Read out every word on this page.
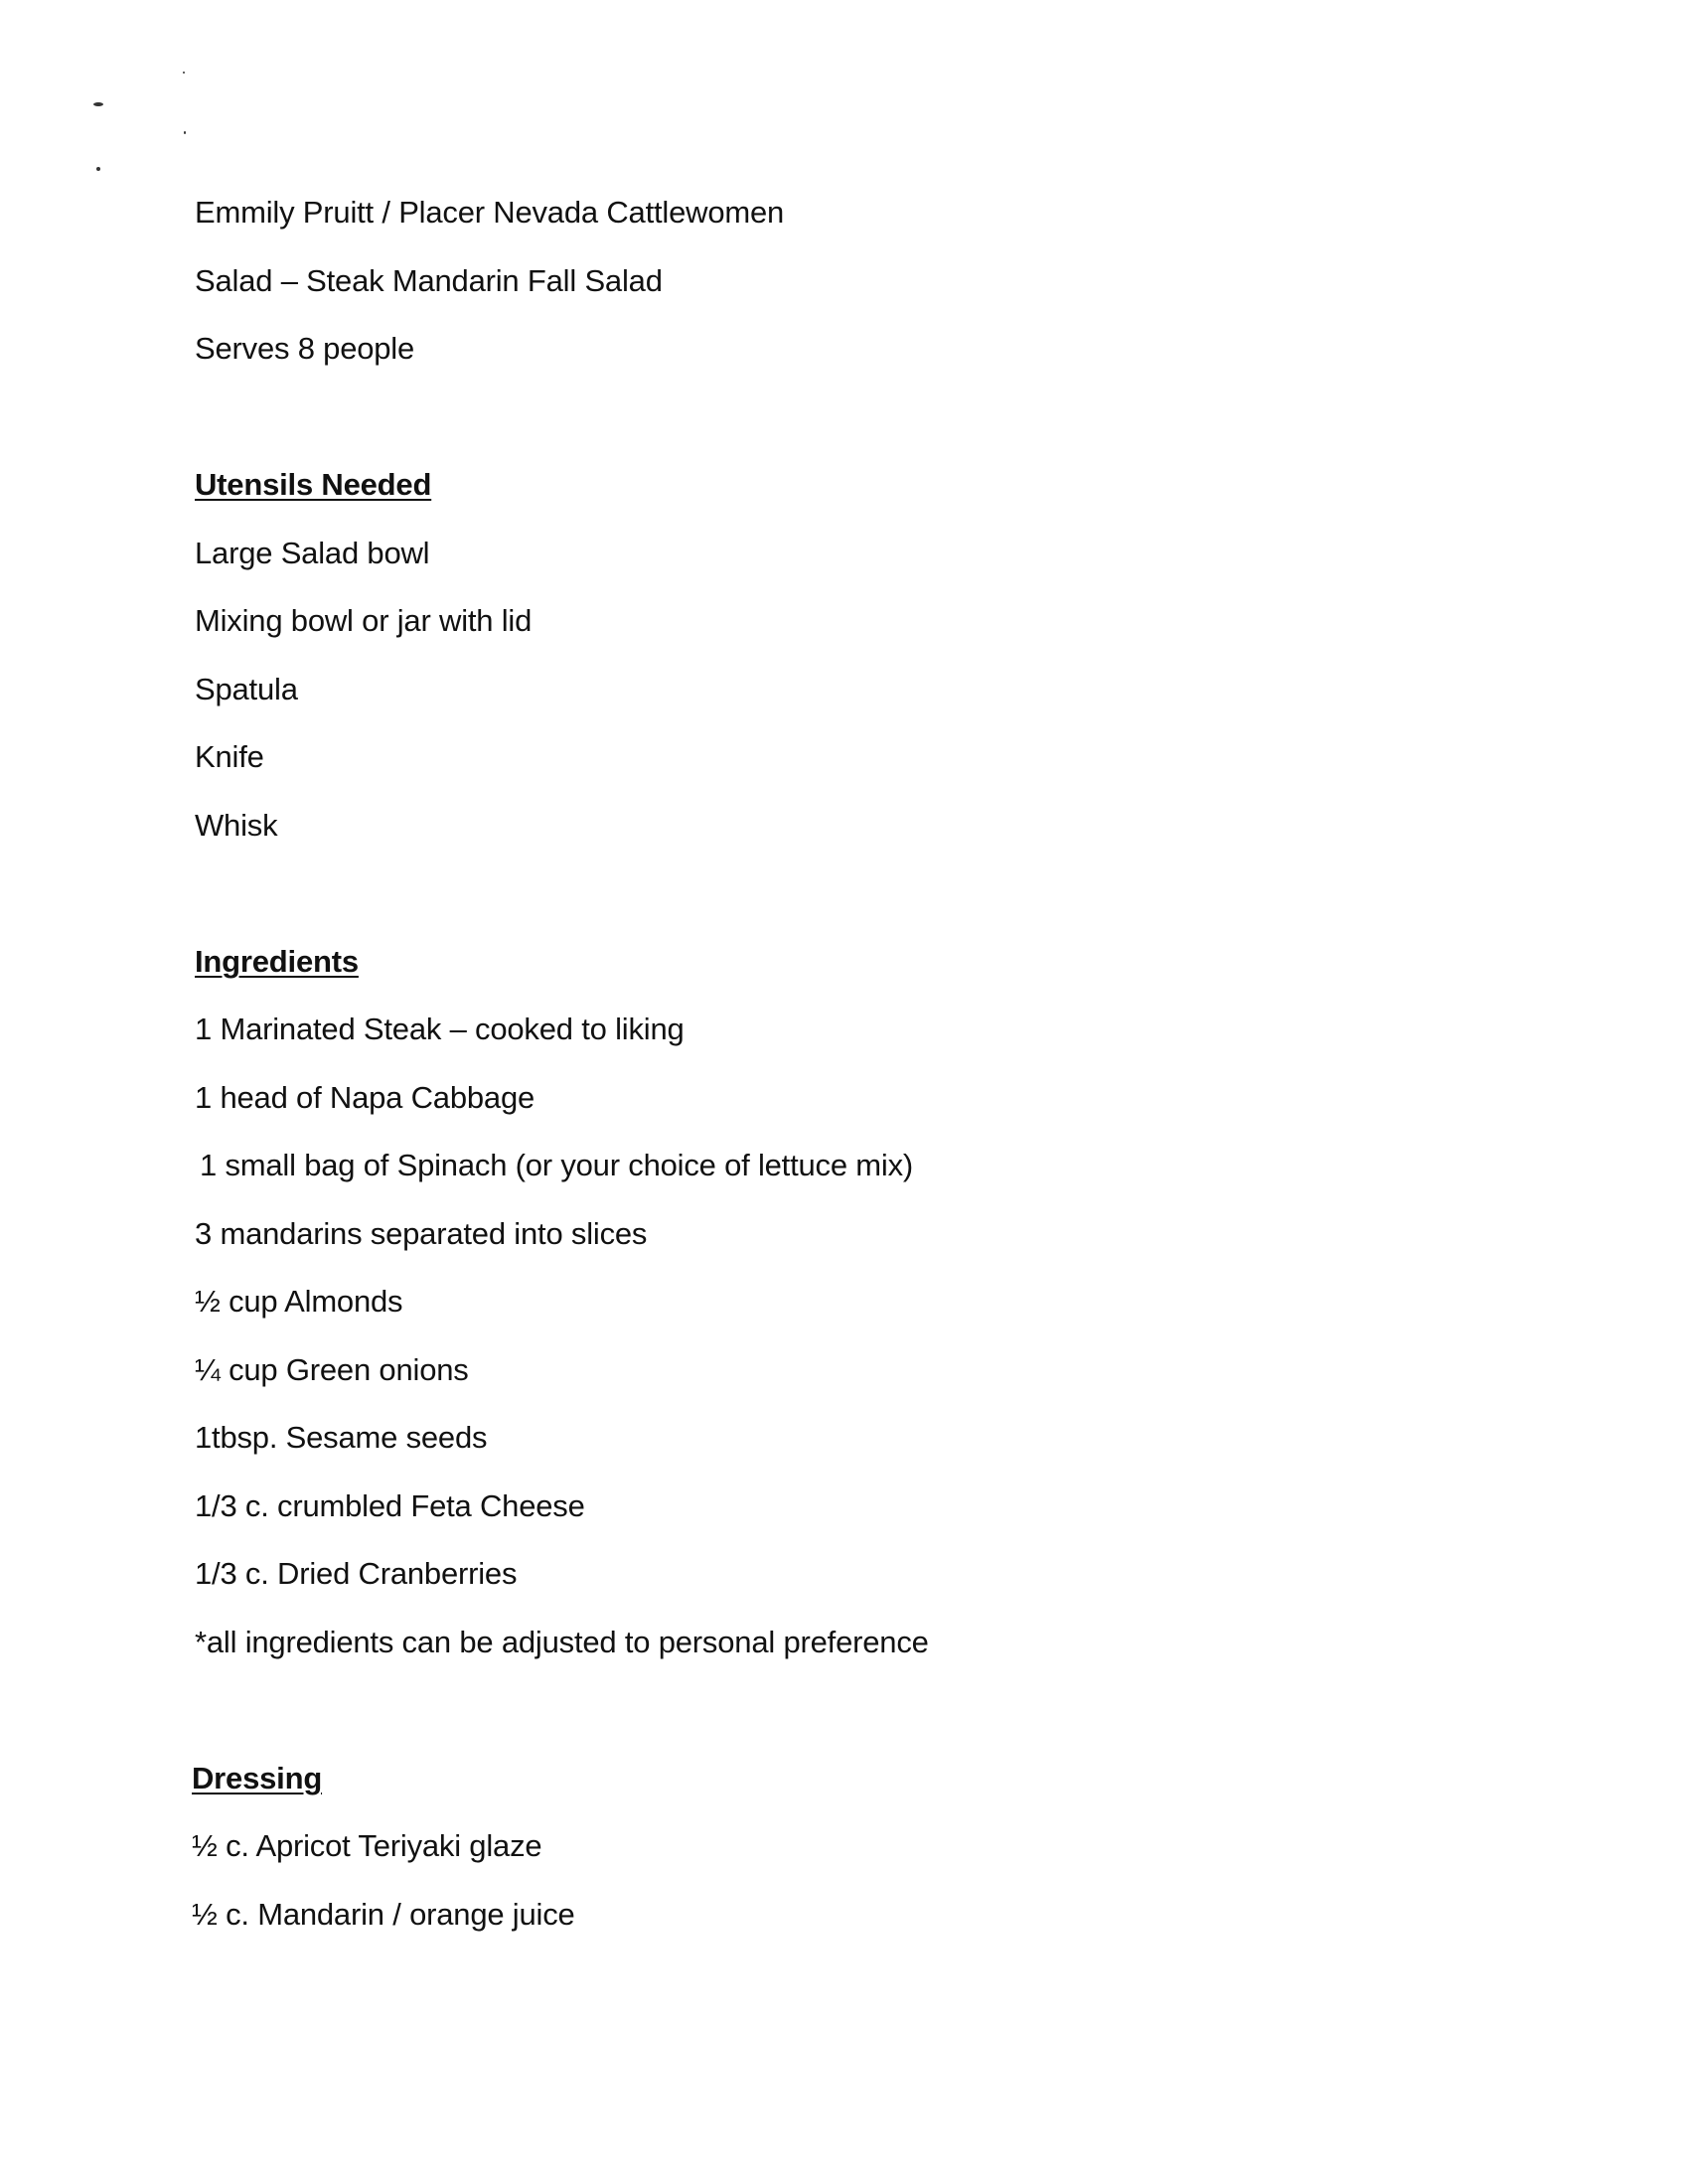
Emmily Pruitt / Placer Nevada Cattlewomen
Salad – Steak Mandarin Fall Salad
Serves 8 people
Utensils Needed
Large Salad bowl
Mixing bowl or jar with lid
Spatula
Knife
Whisk
Ingredients
1 Marinated Steak – cooked to liking
1 head of Napa Cabbage
1 small bag of Spinach (or your choice of lettuce mix)
3 mandarins separated into slices
½ cup Almonds
¼ cup Green onions
1tbsp. Sesame seeds
1/3 c. crumbled Feta Cheese
1/3 c. Dried Cranberries
*all ingredients can be adjusted to personal preference
Dressing
½ c. Apricot Teriyaki glaze
½ c. Mandarin / orange juice
